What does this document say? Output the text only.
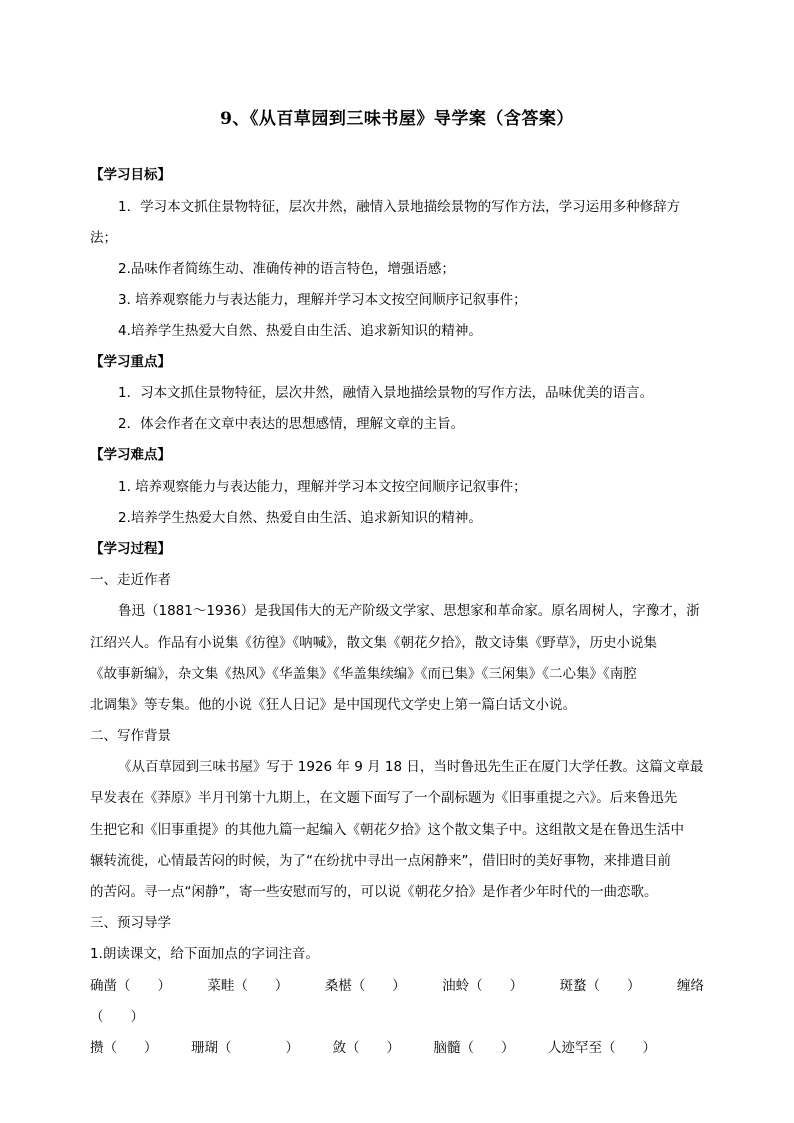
9、《从百草园到三味书屋》导学案（含答案）
【学习目标】
1．学习本文抓住景物特征，层次井然，融情入景地描绘景物的写作方法，学习运用多种修辞方
法；
2.品味作者简练生动、准确传神的语言特色，增强语感；
3. 培养观察能力与表达能力，理解并学习本文按空间顺序记叙事件；
4.培养学生热爱大自然、热爱自由生活、追求新知识的精神。
【学习重点】
1．习本文抓住景物特征，层次井然，融情入景地描绘景物的写作方法，品味优美的语言。
2．体会作者在文章中表达的思想感情，理解文章的主旨。
【学习难点】
1. 培养观察能力与表达能力，理解并学习本文按空间顺序记叙事件；
2.培养学生热爱大自然、热爱自由生活、追求新知识的精神。
【学习过程】
一、走近作者
鲁迅（1881～1936）是我国伟大的无产阶级文学家、思想家和革命家。原名周树人，字豫才，浙
江绍兴人。作品有小说集《彷徨》《呐喊》，散文集《朝花夕拾》，散文诗集《野草》，历史小说集
《故事新编》，杂文集《热风》《华盖集》《华盖集续编》《而已集》《三闲集》《二心集》《南腔
北调集》等专集。他的小说《狂人日记》是中国现代文学史上第一篇白话文小说。
二、写作背景
《从百草园到三味书屋》写于 1926 年 9 月 18 日，当时鲁迅先生正在厦门大学任教。这篇文章最
早发表在《莽原》半月刊第十九期上，在文题下面写了一个副标题为《旧事重提之六》。后来鲁迅先
生把它和《旧事重提》的其他九篇一起编入《朝花夕拾》这个散文集子中。这组散文是在鲁迅生活中
辗转流徙，心情最苦闷的时候，为了“在纷扰中寻出一点闲静来”，借旧时的美好事物，来排遣目前
的苦闷。寻一点“闲静”，寄一些安慰而写的，可以说《朝花夕拾》是作者少年时代的一曲恋歌。
三、预习导学
1.朗读课文，给下面加点的字词注音。
确凿（　　）	菜畦（　　）	桑椹（　　）	油蛉（　　）	斑蝥（　　）	缠络
（　　）
攒（　　） 珊瑚（　　　　） 敛（　　） 脑髓（　　） 人迹罕至（　　）
